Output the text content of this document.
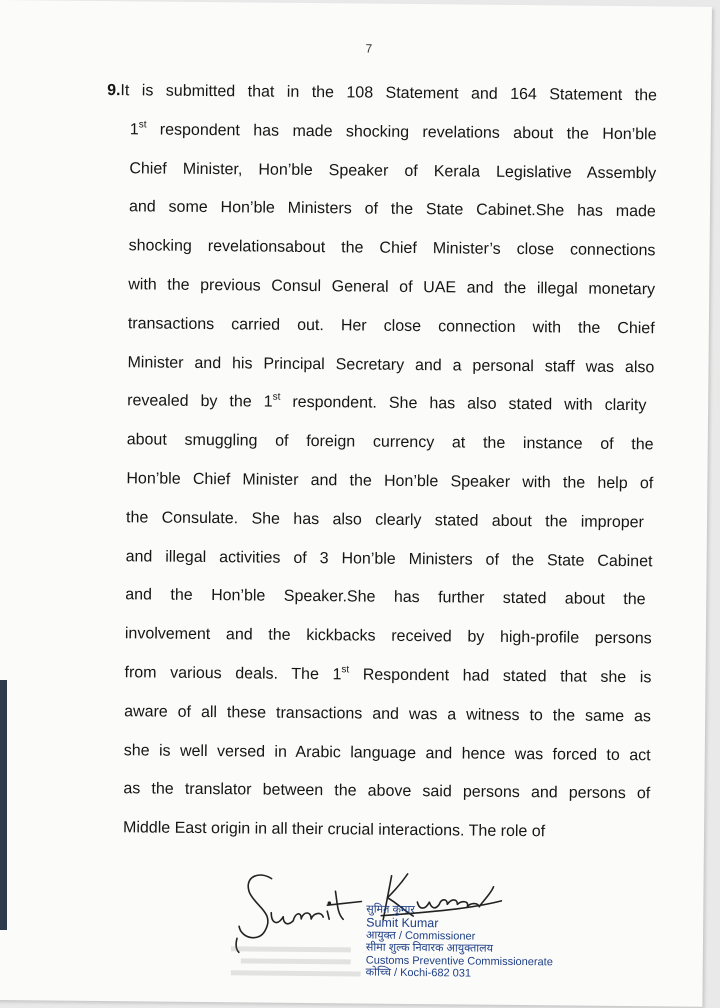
7
9.It is submitted that in the 108 Statement and 164 Statement the
1st respondent has made shocking revelations about the Hon’ble
Chief Minister, Hon’ble Speaker of Kerala Legislative Assembly
and some Hon’ble Ministers of the State Cabinet.She has made
shocking revelationsabout the Chief Minister’s close connections
with the previous Consul General of UAE and the illegal monetary
transactions carried out. Her close connection with the Chief
Minister and his Principal Secretary and a personal staff was also
revealed by the 1st respondent. She has also stated with clarity
about smuggling of foreign currency at the instance of the
Hon’ble Chief Minister and the Hon’ble Speaker with the help of
the Consulate. She has also clearly stated about the improper
and illegal activities of 3 Hon’ble Ministers of the State Cabinet
and the Hon’ble Speaker.She has further stated about the
involvement and the kickbacks received by high-profile persons
from various deals. The 1st Respondent had stated that she is
aware of all these transactions and was a witness to the same as
she is well versed in Arabic language and hence was forced to act
as the translator between the above said persons and persons of
Middle East origin in all their crucial interactions. The role of
सुमित कुमार
Sumit Kumar
आयुक्त / Commissioner
सीमा शुल्क निवारक आयुक्तालय
Customs Preventive Commissionerate
कोच्चि / Kochi-682 031
